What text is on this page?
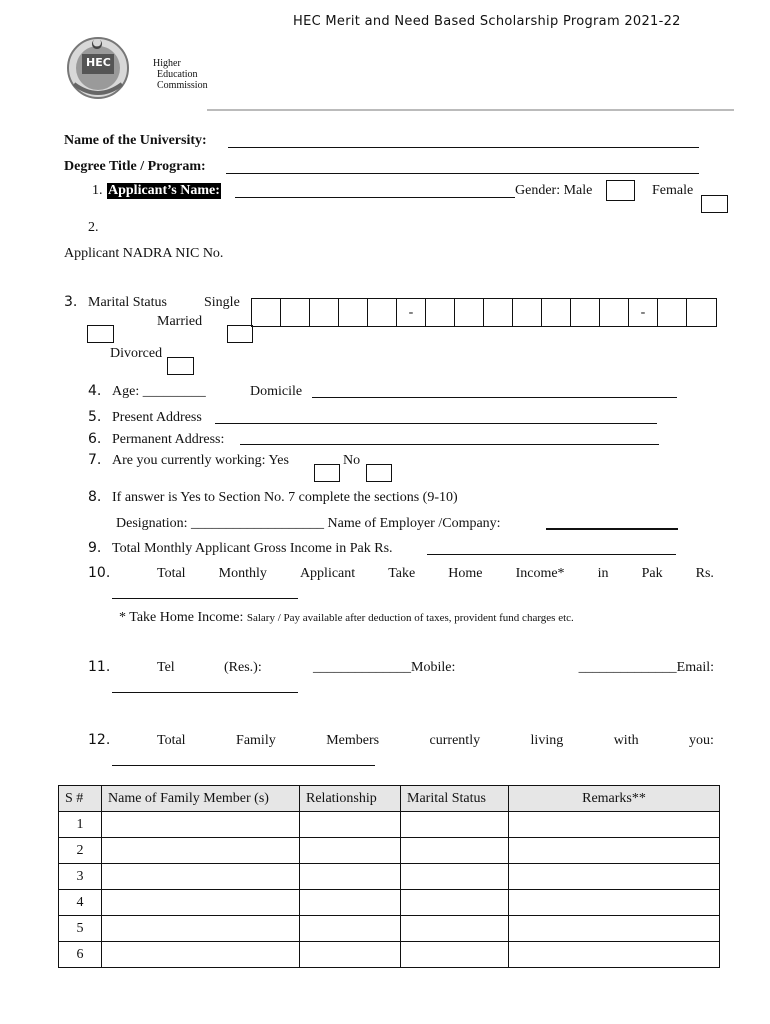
HEC Merit and Need Based Scholarship Program 2021-22
HEC	Higher
Education
Commission
Name of the University:
Degree Title / Program:
1. Applicant’s Name:	Gender: Male	Female
2.
Applicant NADRA NIC No.
3. Marital Status	Single
Married
Divorced
-	-
4. Age: _________	Domicile
5. Present Address
6. Permanent Address:
7. Are you currently working: Yes	No
8. If answer is Yes to Section No. 7 complete the sections (9-10)
Designation: ___________________ Name of Employer /Company:
9. Total Monthly Applicant Gross Income in Pak Rs.
10.	Total Monthly Applicant Take Home Income* in Pak Rs.
* Take Home Income: Salary / Pay available after deduction of taxes, provident fund charges etc.
11.	Tel	(Res.):	______________Mobile:	______________Email:
12.	Total	Family	Members	currently	living	with	you:
S #	Name of Family Member (s)	Relationship	Marital Status	Remarks**
1				
2				
3				
4				
5				
6				
